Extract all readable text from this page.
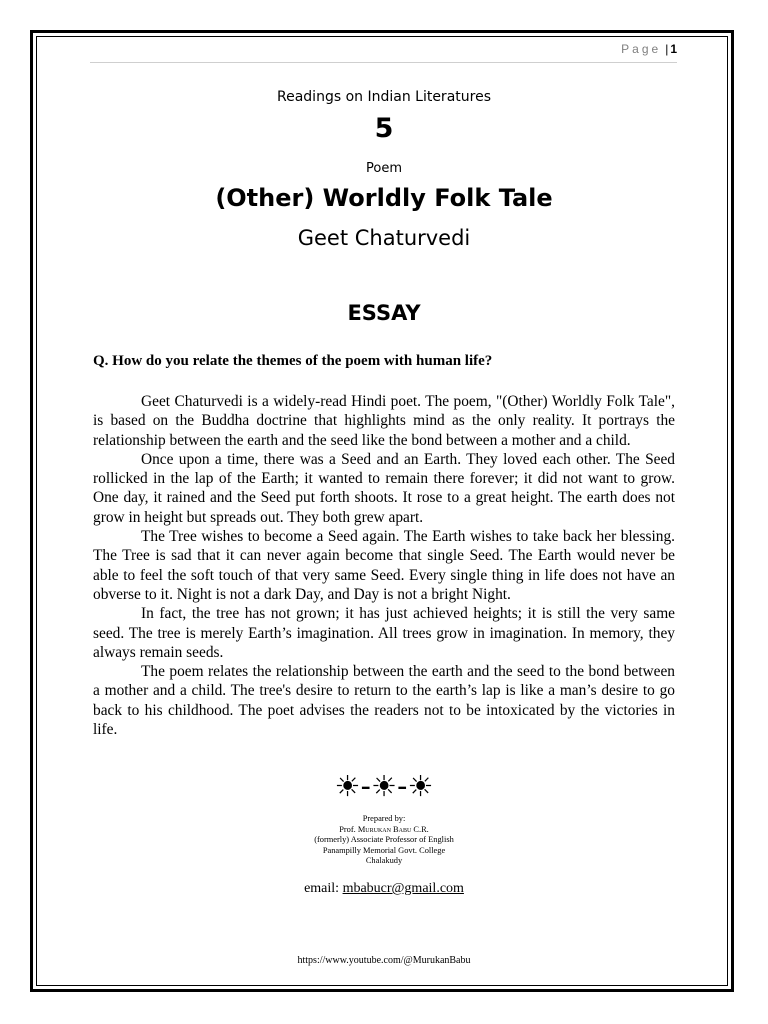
Page | 1
Readings on Indian Literatures
5
Poem
(Other) Worldly Folk Tale
Geet Chaturvedi
ESSAY
Q. How do you relate the themes of the poem with human life?

Geet Chaturvedi is a widely-read Hindi poet. The poem, "(Other) Worldly Folk Tale", is based on the Buddha doctrine that highlights mind as the only reality. It portrays the relationship between the earth and the seed like the bond between a mother and a child.

Once upon a time, there was a Seed and an Earth. They loved each other. The Seed rollicked in the lap of the Earth; it wanted to remain there forever; it did not want to grow. One day, it rained and the Seed put forth shoots. It rose to a great height. The earth does not grow in height but spreads out. They both grew apart.

The Tree wishes to become a Seed again. The Earth wishes to take back her blessing. The Tree is sad that it can never again become that single Seed. The Earth would never be able to feel the soft touch of that very same Seed. Every single thing in life does not have an obverse to it. Night is not a dark Day, and Day is not a bright Night.

In fact, the tree has not grown; it has just achieved heights; it is still the very same seed. The tree is merely Earth’s imagination. All trees grow in imagination. In memory, they always remain seeds.

The poem relates the relationship between the earth and the seed to the bond between a mother and a child. The tree's desire to return to the earth’s lap is like a man’s desire to go back to his childhood. The poet advises the readers not to be intoxicated by the victories in life.

☀-☀-☀
Prepared by:
Prof. Murukan Babu C.R.
(formerly) Associate Professor of English
Panampilly Memorial Govt. College
Chalakudy
email: mbabucr@gmail.com
https://www.youtube.com/@MurukanBabu
